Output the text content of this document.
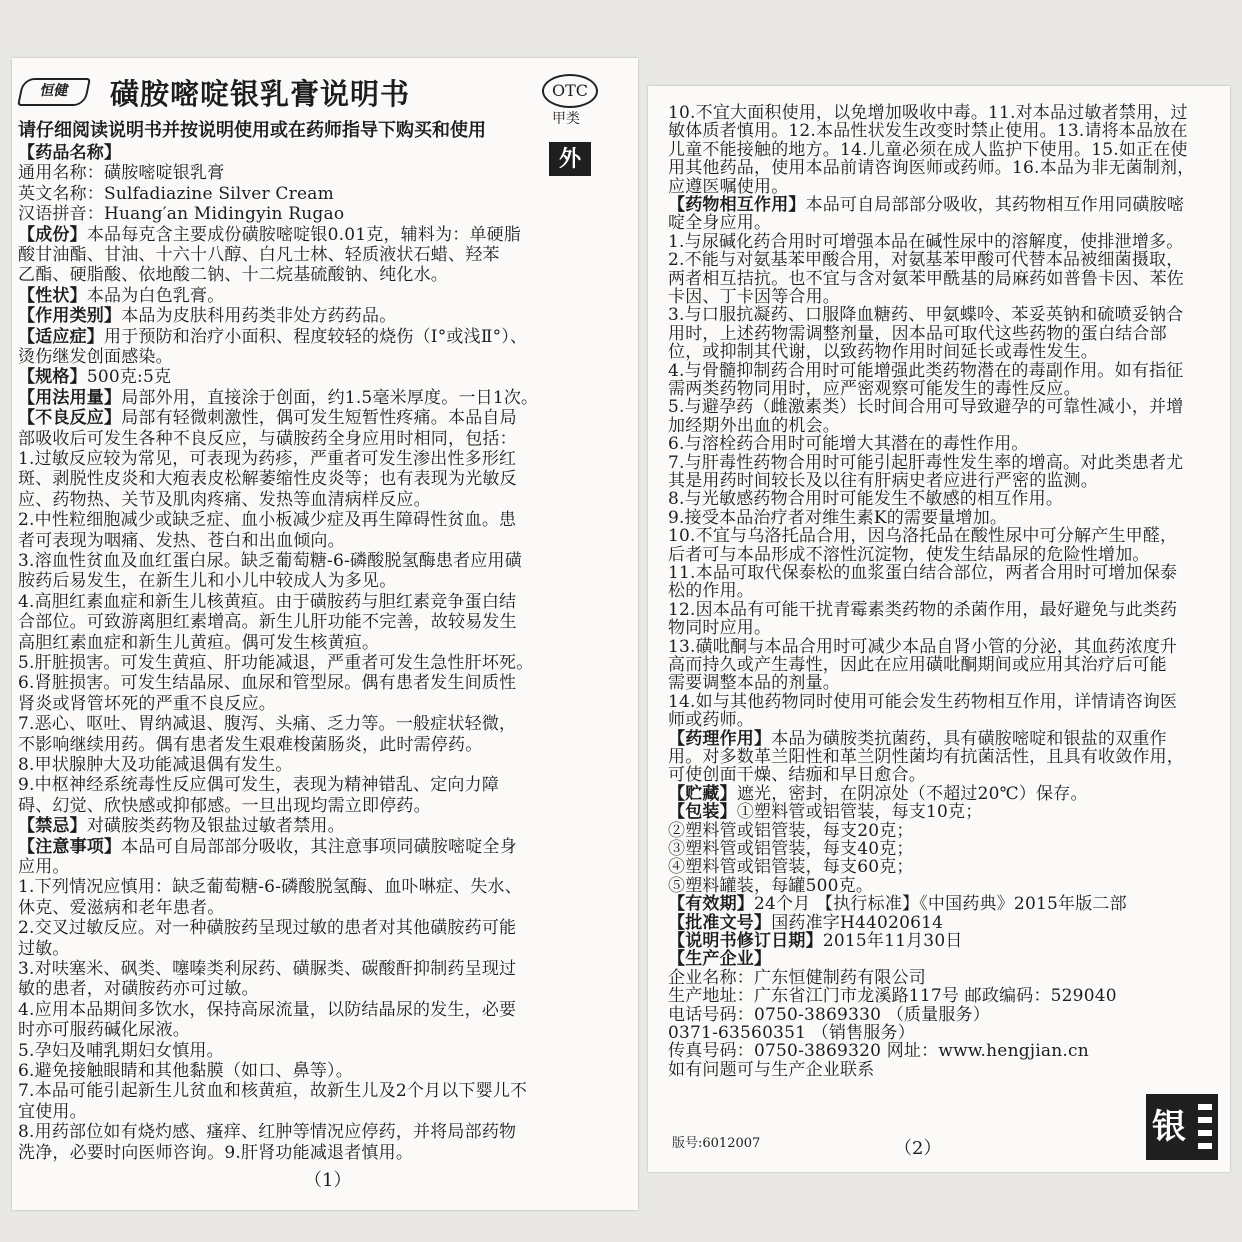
恒健	磺胺嘧啶银乳膏说明书	OTC
甲类
外
请仔细阅读说明书并按说明使用或在药师指导下购买和使用
【药品名称】
通用名称：磺胺嘧啶银乳膏
英文名称：Sulfadiazine Silver Cream
汉语拼音：Huang′an Midingyin Rugao
【成份】本品每克含主要成份磺胺嘧啶银0.01克，辅料为：单硬脂
酸甘油酯、甘油、十六十八醇、白凡士林、轻质液状石蜡、羟苯
乙酯、硬脂酸、依地酸二钠、十二烷基硫酸钠、纯化水。
【性状】本品为白色乳膏。
【作用类别】本品为皮肤科用药类非处方药药品。
【适应症】用于预防和治疗小面积、程度较轻的烧伤（Ⅰ°或浅Ⅱ°）、
烫伤继发创面感染。
【规格】500克:5克
【用法用量】局部外用，直接涂于创面，约1.5毫米厚度。一日1次。
【不良反应】局部有轻微刺激性，偶可发生短暂性疼痛。本品自局
部吸收后可发生各种不良反应，与磺胺药全身应用时相同，包括：
1.过敏反应较为常见，可表现为药疹，严重者可发生渗出性多形红
斑、剥脱性皮炎和大疱表皮松解萎缩性皮炎等；也有表现为光敏反
应、药物热、关节及肌肉疼痛、发热等血清病样反应。
2.中性粒细胞减少或缺乏症、血小板减少症及再生障碍性贫血。患
者可表现为咽痛、发热、苍白和出血倾向。
3.溶血性贫血及血红蛋白尿。缺乏葡萄糖-6-磷酸脱氢酶患者应用磺
胺药后易发生，在新生儿和小儿中较成人为多见。
4.高胆红素血症和新生儿核黄疸。由于磺胺药与胆红素竞争蛋白结
合部位。可致游离胆红素增高。新生儿肝功能不完善，故较易发生
高胆红素血症和新生儿黄疸。偶可发生核黄疸。
5.肝脏损害。可发生黄疸、肝功能减退，严重者可发生急性肝坏死。
6.肾脏损害。可发生结晶尿、血尿和管型尿。偶有患者发生间质性
肾炎或肾管坏死的严重不良反应。
7.恶心、呕吐、胃纳减退、腹泻、头痛、乏力等。一般症状轻微，
不影响继续用药。偶有患者发生艰难梭菌肠炎，此时需停药。
8.甲状腺肿大及功能减退偶有发生。
9.中枢神经系统毒性反应偶可发生，表现为精神错乱、定向力障
碍、幻觉、欣快感或抑郁感。一旦出现均需立即停药。
【禁忌】对磺胺类药物及银盐过敏者禁用。
【注意事项】本品可自局部部分吸收，其注意事项同磺胺嘧啶全身
应用。
1.下列情况应慎用：缺乏葡萄糖-6-磷酸脱氢酶、血卟啉症、失水、
休克、爱滋病和老年患者。
2.交叉过敏反应。对一种磺胺药呈现过敏的患者对其他磺胺药可能
过敏。
3.对呋塞米、砜类、噻嗪类利尿药、磺脲类、碳酸酐抑制药呈现过
敏的患者，对磺胺药亦可过敏。
4.应用本品期间多饮水，保持高尿流量，以防结晶尿的发生，必要
时亦可服药碱化尿液。
5.孕妇及哺乳期妇女慎用。
6.避免接触眼睛和其他黏膜（如口、鼻等）。
7.本品可能引起新生儿贫血和核黄疸，故新生儿及2个月以下婴儿不
宜使用。
8.用药部位如有烧灼感、瘙痒、红肿等情况应停药，并将局部药物
洗净，必要时向医师咨询。9.肝肾功能减退者慎用。
（1）
10.不宜大面积使用，以免增加吸收中毒。11.对本品过敏者禁用，过
敏体质者慎用。12.本品性状发生改变时禁止使用。13.请将本品放在
儿童不能接触的地方。14.儿童必须在成人监护下使用。15.如正在使
用其他药品，使用本品前请咨询医师或药师。16.本品为非无菌制剂，
应遵医嘱使用。
【药物相互作用】本品可自局部部分吸收，其药物相互作用同磺胺嘧
啶全身应用。
1.与尿碱化药合用时可增强本品在碱性尿中的溶解度，使排泄增多。
2.不能与对氨基苯甲酸合用，对氨基苯甲酸可代替本品被细菌摄取，
两者相互拮抗。也不宜与含对氨苯甲酰基的局麻药如普鲁卡因、苯佐
卡因、丁卡因等合用。
3.与口服抗凝药、口服降血糖药、甲氨蝶呤、苯妥英钠和硫喷妥钠合
用时，上述药物需调整剂量，因本品可取代这些药物的蛋白结合部
位，或抑制其代谢，以致药物作用时间延长或毒性发生。
4.与骨髓抑制药合用时可能增强此类药物潜在的毒副作用。如有指征
需两类药物同用时，应严密观察可能发生的毒性反应。
5.与避孕药（雌激素类）长时间合用可导致避孕的可靠性减小，并增
加经期外出血的机会。
6.与溶栓药合用时可能增大其潜在的毒性作用。
7.与肝毒性药物合用时可能引起肝毒性发生率的增高。对此类患者尤
其是用药时间较长及以往有肝病史者应进行严密的监测。
8.与光敏感药物合用时可能发生不敏感的相互作用。
9.接受本品治疗者对维生素K的需要量增加。
10.不宜与乌洛托品合用，因乌洛托品在酸性尿中可分解产生甲醛，
后者可与本品形成不溶性沉淀物，使发生结晶尿的危险性增加。
11.本品可取代保泰松的血浆蛋白结合部位，两者合用时可增加保泰
松的作用。
12.因本品有可能干扰青霉素类药物的杀菌作用，最好避免与此类药
物同时应用。
13.磺吡酮与本品合用时可减少本品自肾小管的分泌，其血药浓度升
高而持久或产生毒性，因此在应用磺吡酮期间或应用其治疗后可能
需要调整本品的剂量。
14.如与其他药物同时使用可能会发生药物相互作用，详情请咨询医
师或药师。
【药理作用】本品为磺胺类抗菌药，具有磺胺嘧啶和银盐的双重作
用。对多数革兰阳性和革兰阴性菌均有抗菌活性，且具有收敛作用，
可使创面干燥、结痂和早日愈合。
【贮藏】遮光，密封，在阴凉处（不超过20℃）保存。
【包装】①塑料管或铝管装，每支10克；
②塑料管或铝管装，每支20克；
③塑料管或铝管装，每支40克；
④塑料管或铝管装，每支60克；
⑤塑料罐装，每罐500克。
【有效期】24个月 【执行标准】《中国药典》2015年版二部
【批准文号】国药准字H44020614
【说明书修订日期】2015年11月30日
【生产企业】
企业名称：广东恒健制药有限公司
生产地址：广东省江门市龙溪路117号 邮政编码：529040
电话号码：0750-3869330 （质量服务）
0371-63560351 （销售服务）
传真号码：0750-3869320 网址：www.hengjian.cn
如有问题可与生产企业联系
版号:6012007	（2）
银
